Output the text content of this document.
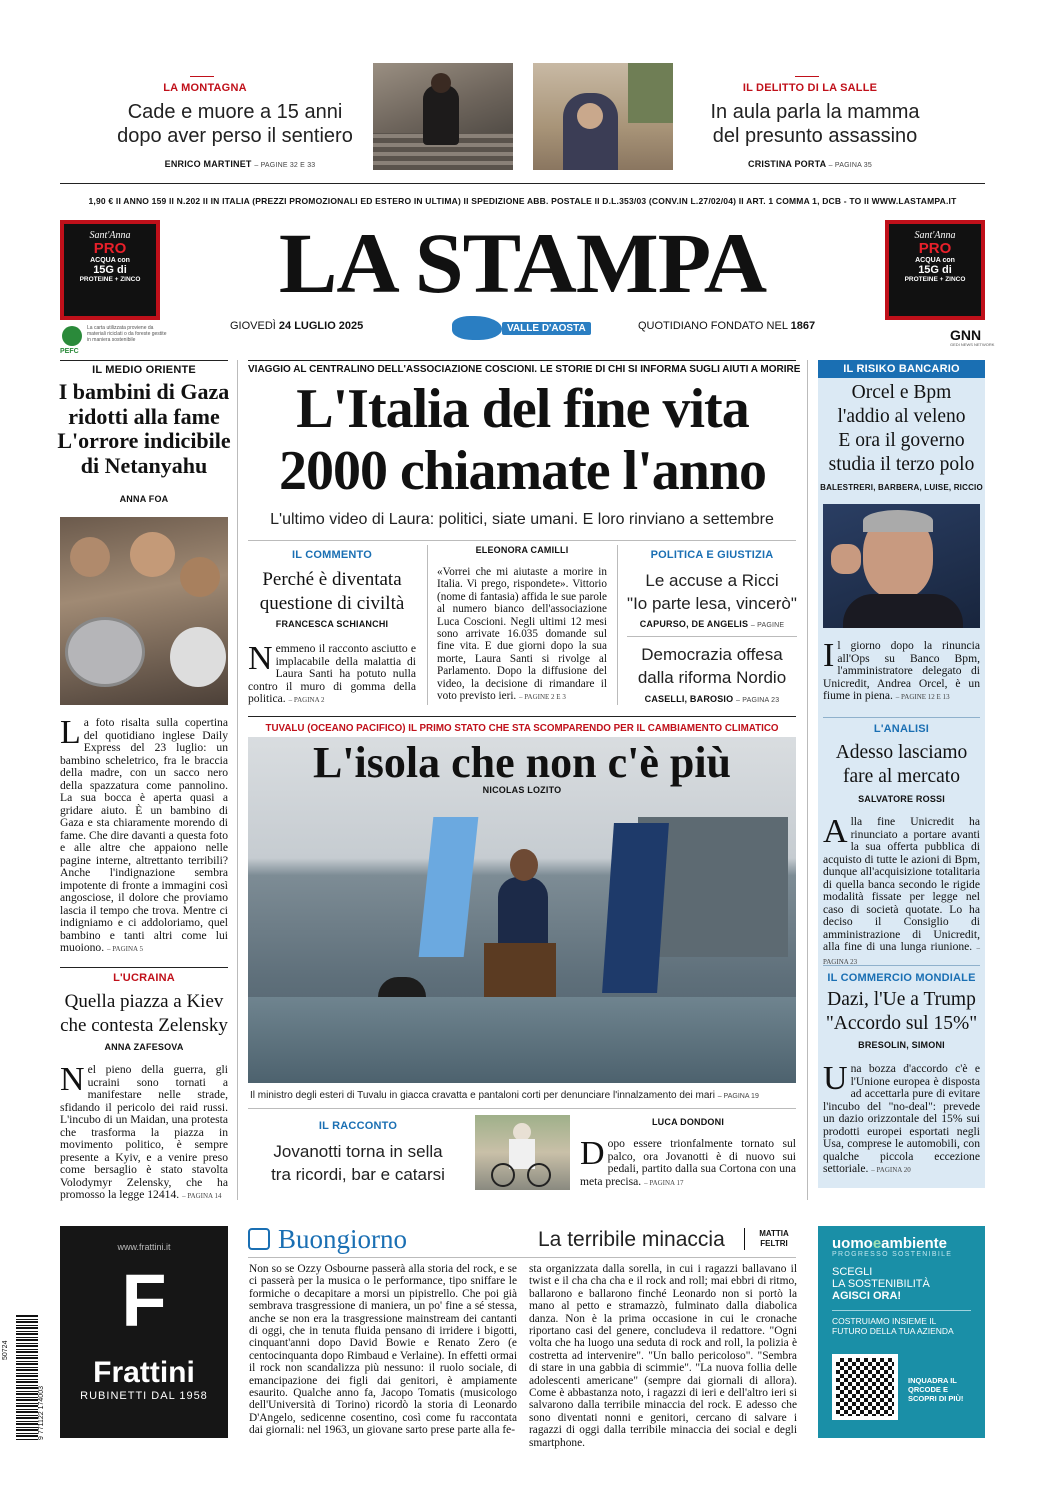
LA MONTAGNA
Cade e muore a 15 anni
dopo aver perso il sentiero
ENRICO MARTINET – PAGINE 32 E 33
IL DELITTO DI LA SALLE
In aula parla la mamma
del presunto assassino
CRISTINA PORTA – PAGINA 35
1,90 € II ANNO 159 II N.202 II IN ITALIA (PREZZI PROMOZIONALI ED ESTERO IN ULTIMA) II SPEDIZIONE ABB. POSTALE II D.L.353/03 (CONV.IN L.27/02/04) II ART. 1 COMMA 1, DCB - TO II WWW.LASTAMPA.IT
Sant'Anna
PRO
ACQUA con
15G di
PROTEINE + ZINCO
Sant'Anna
PRO
ACQUA con
15G di
PROTEINE + ZINCO
LA STAMPA
GIOVEDÌ 24 LUGLIO 2025	VALLE D'AOSTA	QUOTIDIANO FONDATO NEL 1867
PEFC
La carta utilizzata proviene da materiali riciclati o da foreste gestite in maniera sostenibile	GNN
GEDI NEWS NETWORK
IL MEDIO ORIENTE
I bambini di Gaza
ridotti alla fame
L'orrore indicibile
di Netanyahu
ANNA FOA
La foto risalta sulla copertina del quotidiano inglese Daily Express del 23 luglio: un bambino scheletrico, fra le braccia della madre, con un sacco nero della spazzatura come pannolino. La sua bocca è aperta quasi a gridare aiuto. È un bambino di Gaza e sta chiaramente morendo di fame. Che dire davanti a questa foto e alle altre che appaiono nelle pagine interne, altrettanto terribili? Anche l'indignazione sembra impotente di fronte a immagini così angosciose, il dolore che proviamo lascia il tempo che trova. Mentre ci indigniamo e ci addoloriamo, quel bambino e tanti altri come lui muoiono. – PAGINA 5
L'UCRAINA
Quella piazza a Kiev
che contesta Zelensky
ANNA ZAFESOVA
Nel pieno della guerra, gli ucraini sono tornati a manifestare nelle strade, sfidando il pericolo dei raid russi. L'incubo di un Maidan, una protesta che trasforma la piazza in movimento politico, è sempre presente a Kyiv, e a venire preso come bersaglio è stato stavolta Volodymyr Zelensky, che ha promosso la legge 12414. – PAGINA 14
VIAGGIO AL CENTRALINO DELL'ASSOCIAZIONE COSCIONI. LE STORIE DI CHI SI INFORMA SUGLI AIUTI A MORIRE
L'Italia del fine vita
2000 chiamate l'anno
L'ultimo video di Laura: politici, siate umani. E loro rinviano a settembre
IL COMMENTO
Perché è diventata
questione di civiltà
FRANCESCA SCHIANCHI
Nemmeno il racconto asciutto e implacabile della malattia di Laura Santi ha potuto nulla contro il muro di gomma della politica. – PAGINA 2
ELEONORA CAMILLI
«Vorrei che mi aiutaste a morire in Italia. Vi prego, rispondete». Vittorio (nome di fantasia) affida le sue parole al numero bianco dell'associazione Luca Coscioni. Negli ultimi 12 mesi sono arrivate 16.035 domande sul fine vita. E due giorni dopo la sua morte, Laura Santi si rivolge al Parlamento. Dopo la diffusione del video, la decisione di rimandare il voto previsto ieri. – PAGINE 2 E 3
POLITICA E GIUSTIZIA
Le accuse a Ricci
"Io parte lesa, vincerò"
CAPURSO, DE ANGELIS – PAGINE
Democrazia offesa
dalla riforma Nordio
CASELLI, BAROSIO – PAGINA 23
TUVALU (OCEANO PACIFICO) IL PRIMO STATO CHE STA SCOMPARENDO PER IL CAMBIAMENTO CLIMATICO
L'isola che non c'è più
NICOLAS LOZITO
Il ministro degli esteri di Tuvalu in giacca cravatta e pantaloni corti per denunciare l'innalzamento dei mari – PAGINA 19
IL RACCONTO
Jovanotti torna in sella
tra ricordi, bar e catarsi
LUCA DONDONI
Dopo essere trionfalmente tornato sul palco, ora Jovanotti è di nuovo sui pedali, partito dalla sua Cortona con una meta precisa. – PAGINA 17
IL RISIKO BANCARIO
Orcel e Bpm
l'addio al veleno
E ora il governo
studia il terzo polo
BALESTRERI, BARBERA, LUISE, RICCIO
Il giorno dopo la rinuncia all'Ops su Banco Bpm, l'amministratore delegato di Unicredit, Andrea Orcel, è un fiume in piena. – PAGINE 12 E 13
L'ANALISI
Adesso lasciamo
fare al mercato
SALVATORE ROSSI
Alla fine Unicredit ha rinunciato a portare avanti la sua offerta pubblica di acquisto di tutte le azioni di Bpm, dunque all'acquisizione totalitaria di quella banca secondo le rigide modalità fissate per legge nel caso di società quotate. Lo ha deciso il Consiglio di amministrazione di Unicredit, alla fine di una lunga riunione. – PAGINA 23
IL COMMERCIO MONDIALE
Dazi, l'Ue a Trump
"Accordo sul 15%"
BRESOLIN, SIMONI
Una bozza d'accordo c'è e l'Unione europea è disposta ad accettarla pure di evitare l'incubo del "no-deal": prevede un dazio orizzontale del 15% sui prodotti europei esportati negli Usa, comprese le automobili, con qualche piccola eccezione settoriale. – PAGINA 20
www.frattini.it
F
Frattini
RUBINETTI DAL 1958
9 771122 174003
50724
Buongiorno	La terribile minaccia	MATTIA
FELTRI
Non so se Ozzy Osbourne passerà alla storia del rock, e se ci passerà per la musica o le performance, tipo sniffare le formiche o decapitare a morsi un pipistrello. Che poi già sembrava trasgressione di maniera, un po' fine a sé stessa, anche se non era la trasgressione mainstream dei cantanti di oggi, che in tenuta fluida pensano di irridere i bigotti, cinquant'anni dopo David Bowie e Renato Zero (e centocinquanta dopo Rimbaud e Verlaine). In effetti ormai il rock non scandalizza più nessuno: il ruolo sociale, di emancipazione dei figli dai genitori, è ampiamente esaurito. Qualche anno fa, Jacopo Tomatis (musicologo dell'Università di Torino) ricordò la storia di Leonardo D'Angelo, sedicenne cosentino, così come fu raccontata dai giornali: nel 1963, un giovane sarto prese parte alla fe-
sta organizzata dalla sorella, in cui i ragazzi ballavano il twist e il cha cha cha e il rock and roll; mai ebbri di ritmo, ballarono e ballarono finché Leonardo non si portò la mano al petto e stramazzò, fulminato dalla diabolica danza. Non è la prima occasione in cui le cronache riportano casi del genere, concludeva il redattore. "Ogni volta che ha luogo una seduta di rock and roll, la polizia è costretta ad intervenire". "Un ballo pericoloso". "Sembra di stare in una gabbia di scimmie". "La nuova follia delle adolescenti americane" (sempre dai giornali di allora). Come è abbastanza noto, i ragazzi di ieri e dell'altro ieri si salvarono dalla terribile minaccia del rock. E adesso che sono diventati nonni e genitori, cercano di salvare i ragazzi di oggi dalla terribile minaccia dei social e degli smartphone.
uomoeambiente
PROGRESSO SOSTENIBILE
SCEGLI
LA SOSTENIBILITÀ
AGISCI ORA!
COSTRUIAMO INSIEME IL
FUTURO DELLA TUA AZIENDA
INQUADRA IL
QRCODE E
SCOPRI DI PIÙ!
